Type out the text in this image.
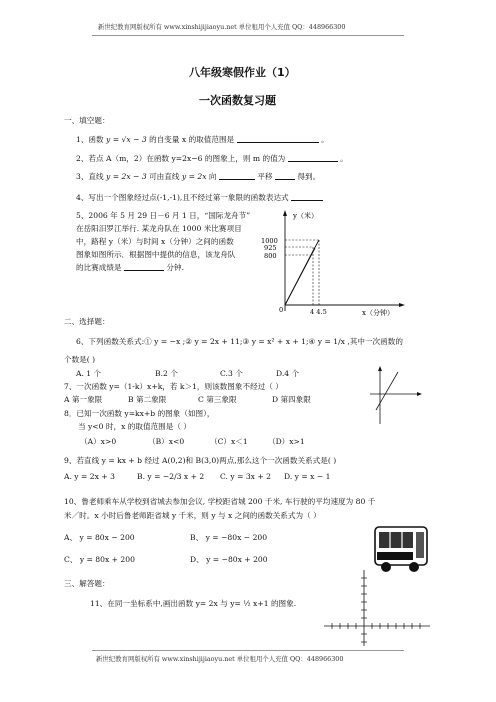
新世纪教育网版权所有 www.xinshijijiaoyu.net 单位租用个人充值 QQ：448966300
八年级寒假作业（1）
一次函数复习题
一、填空题：
1、函数 y = √x − 3 的自变量 x 的取值范围是	。
2、若点 A（m，2）在函数 y=2x−6 的图象上，则 m 的值为	。
3、直线 y = 2x − 3 可由直线 y = 2x 向	平移	得到。
4、写出一个图象经过点(-1,-1),且不经过第一象限的函数表达式
5、2006 年 5 月 29 日－6 月 1 日，“国际龙舟节”
在岳阳汨罗江举行. 某龙舟队在 1000 米比赛项目
中，路程 y（米）与时间 x（分钟）之间的函数
图象如图所示．根据图中提供的信息，该龙舟队
的比赛成绩是	分钟.
y（米）
1000
925
800
0	4 4.5	x（分钟）
二、选择题：
6、下列函数关系式:① y = −x ;② y = 2x + 11;③ y = x² + x + 1;④ y = 1/x ,其中一次函数的
个数是( )
A. 1 个	B.2 个	C.3 个	D.4 个
7、一次函数 y=（1-k）x+k，若 k＞1，则该数图象不经过（ ）
A 第一象限	B 第二象限	C 第三象限	D 第四象限
8．已知一次函数 y=kx+b 的图象（如图），
当 y<0 时，x 的取值范围是（ ）
（A）x>0	（B）x<0	（C）x＜1	（D）x>1
9、若直线 y = kx + b 经过 A(0,2)和 B(3,0)两点,那么这个一次函数关系式是( )
A. y = 2x + 3	B. y = −2/3 x + 2 C. y = 3x + 2 D. y = x − 1
10、鲁老师乘车从学校到省城去参加会议, 学校距省城 200 千米, 车行驶的平均速度为 80 千
米／时。x 小时后鲁老师距省城 y 千米，则 y 与 x 之间的函数关系式为（ ）
A、 y = 80x − 200	B、 y = −80x − 200
C、 y = 80x + 200	D、 y = −80x + 200
三、解答题：
11、在同一坐标系中,画出函数 y= 2x 与 y= ½ x+1 的图象.
新世纪教育网版权所有 www.xinshijijiaoyu.net 单位租用个人充值 QQ：448966300
